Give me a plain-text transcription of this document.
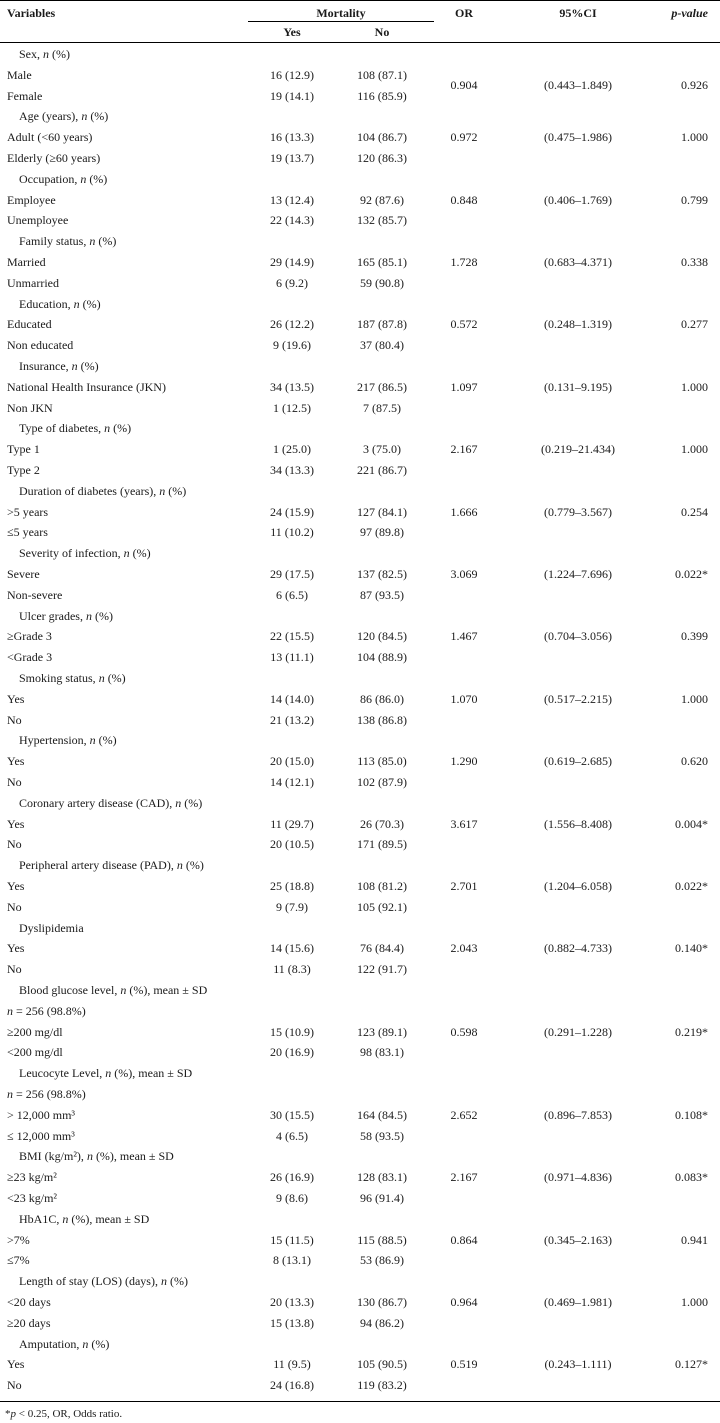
Variables	Mortality	OR	95%CI	p-value
Yes	No
Sex, n (%)
Male	16 (12.9)	108 (87.1)
Female	19 (14.1)	116 (85.9)
0.904	(0.443–1.849)	0.926
Age (years), n (%)
Adult (<60 years)	16 (13.3)	104 (86.7)
Elderly (≥60 years)	19 (13.7)	120 (86.3)
0.972	(0.475–1.986)	1.000
Occupation, n (%)
Employee	13 (12.4)	92 (87.6)
Unemployee	22 (14.3)	132 (85.7)
0.848	(0.406–1.769)	0.799
Family status, n (%)
Married	29 (14.9)	165 (85.1)
Unmarried	6 (9.2)	59 (90.8)
1.728	(0.683–4.371)	0.338
Education, n (%)
Educated	26 (12.2)	187 (87.8)
Non educated	9 (19.6)	37 (80.4)
0.572	(0.248–1.319)	0.277
Insurance, n (%)
National Health Insurance (JKN)	34 (13.5)	217 (86.5)
Non JKN	1 (12.5)	7 (87.5)
1.097	(0.131–9.195)	1.000
Type of diabetes, n (%)
Type 1	1 (25.0)	3 (75.0)
Type 2	34 (13.3)	221 (86.7)
2.167	(0.219–21.434)	1.000
Duration of diabetes (years), n (%)
>5 years	24 (15.9)	127 (84.1)
≤5 years	11 (10.2)	97 (89.8)
1.666	(0.779–3.567)	0.254
Severity of infection, n (%)
Severe	29 (17.5)	137 (82.5)
Non-severe	6 (6.5)	87 (93.5)
3.069	(1.224–7.696)	0.022*
Ulcer grades, n (%)
≥Grade 3	22 (15.5)	120 (84.5)
<Grade 3	13 (11.1)	104 (88.9)
1.467	(0.704–3.056)	0.399
Smoking status, n (%)
Yes	14 (14.0)	86 (86.0)
No	21 (13.2)	138 (86.8)
1.070	(0.517–2.215)	1.000
Hypertension, n (%)
Yes	20 (15.0)	113 (85.0)
No	14 (12.1)	102 (87.9)
1.290	(0.619–2.685)	0.620
Coronary artery disease (CAD), n (%)
Yes	11 (29.7)	26 (70.3)
No	20 (10.5)	171 (89.5)
3.617	(1.556–8.408)	0.004*
Peripheral artery disease (PAD), n (%)
Yes	25 (18.8)	108 (81.2)
No	9 (7.9)	105 (92.1)
2.701	(1.204–6.058)	0.022*
Dyslipidemia
Yes	14 (15.6)	76 (84.4)
No	11 (8.3)	122 (91.7)
2.043	(0.882–4.733)	0.140*
Blood glucose level, n (%), mean ± SD
n = 256 (98.8%)
≥200 mg/dl	15 (10.9)	123 (89.1)
<200 mg/dl	20 (16.9)	98 (83.1)
0.598	(0.291–1.228)	0.219*
Leucocyte Level, n (%), mean ± SD
n = 256 (98.8%)
> 12,000 mm³	30 (15.5)	164 (84.5)
≤ 12,000 mm³	4 (6.5)	58 (93.5)
2.652	(0.896–7.853)	0.108*
BMI (kg/m²), n (%), mean ± SD
≥23 kg/m²	26 (16.9)	128 (83.1)
<23 kg/m²	9 (8.6)	96 (91.4)
2.167	(0.971–4.836)	0.083*
HbA1C, n (%), mean ± SD
>7%	15 (11.5)	115 (88.5)
≤7%	8 (13.1)	53 (86.9)
0.864	(0.345–2.163)	0.941
Length of stay (LOS) (days), n (%)
<20 days	20 (13.3)	130 (86.7)
≥20 days	15 (13.8)	94 (86.2)
0.964	(0.469–1.981)	1.000
Amputation, n (%)
Yes	11 (9.5)	105 (90.5)
No	24 (16.8)	119 (83.2)
0.519	(0.243–1.111)	0.127*
*p < 0.25, OR, Odds ratio.
